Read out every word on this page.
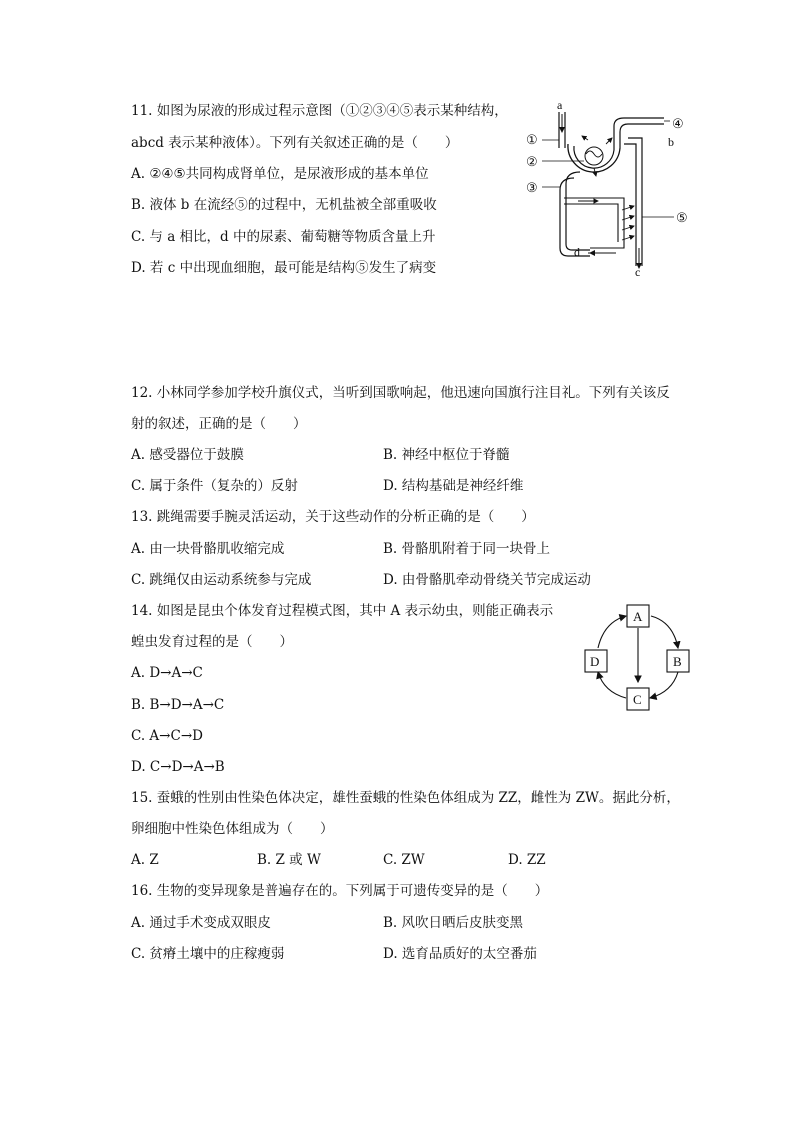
11. 如图为尿液的形成过程示意图（①②③④⑤表示某种结构，
abcd 表示某种液体）。下列有关叙述正确的是（　　）
A. ②④⑤共同构成肾单位，是尿液形成的基本单位
B. 液体 b 在流经⑤的过程中，无机盐被全部重吸收
C. 与 a 相比，d 中的尿素、葡萄糖等物质含量上升
D. 若 c 中出现血细胞，最可能是结构⑤发生了病变
a
①
②
③
④
b
⑤
d
c
12. 小林同学参加学校升旗仪式，当听到国歌响起，他迅速向国旗行注目礼。下列有关该反
射的叙述，正确的是（　　）
A. 感受器位于鼓膜	B. 神经中枢位于脊髓
C. 属于条件（复杂的）反射	D. 结构基础是神经纤维
13. 跳绳需要手腕灵活运动，关于这些动作的分析正确的是（　　）
A. 由一块骨骼肌收缩完成	B. 骨骼肌附着于同一块骨上
C. 跳绳仅由运动系统参与完成	D. 由骨骼肌牵动骨绕关节完成运动
14. 如图是昆虫个体发育过程模式图，其中 A 表示幼虫，则能正确表示
蝗虫发育过程的是（　　）
A. D→A→C
B. B→D→A→C
C. A→C→D
D. C→D→A→B
A
B
C
D
15. 蚕蛾的性别由性染色体决定，雄性蚕蛾的性染色体组成为 ZZ，雌性为 ZW。据此分析，
卵细胞中性染色体组成为（　　）
A. Z	B. Z 或 W	C. ZW	D. ZZ
16. 生物的变异现象是普遍存在的。下列属于可遗传变异的是（　　）
A. 通过手术变成双眼皮	B. 风吹日晒后皮肤变黑
C. 贫瘠土壤中的庄稼瘦弱	D. 选育品质好的太空番茄
